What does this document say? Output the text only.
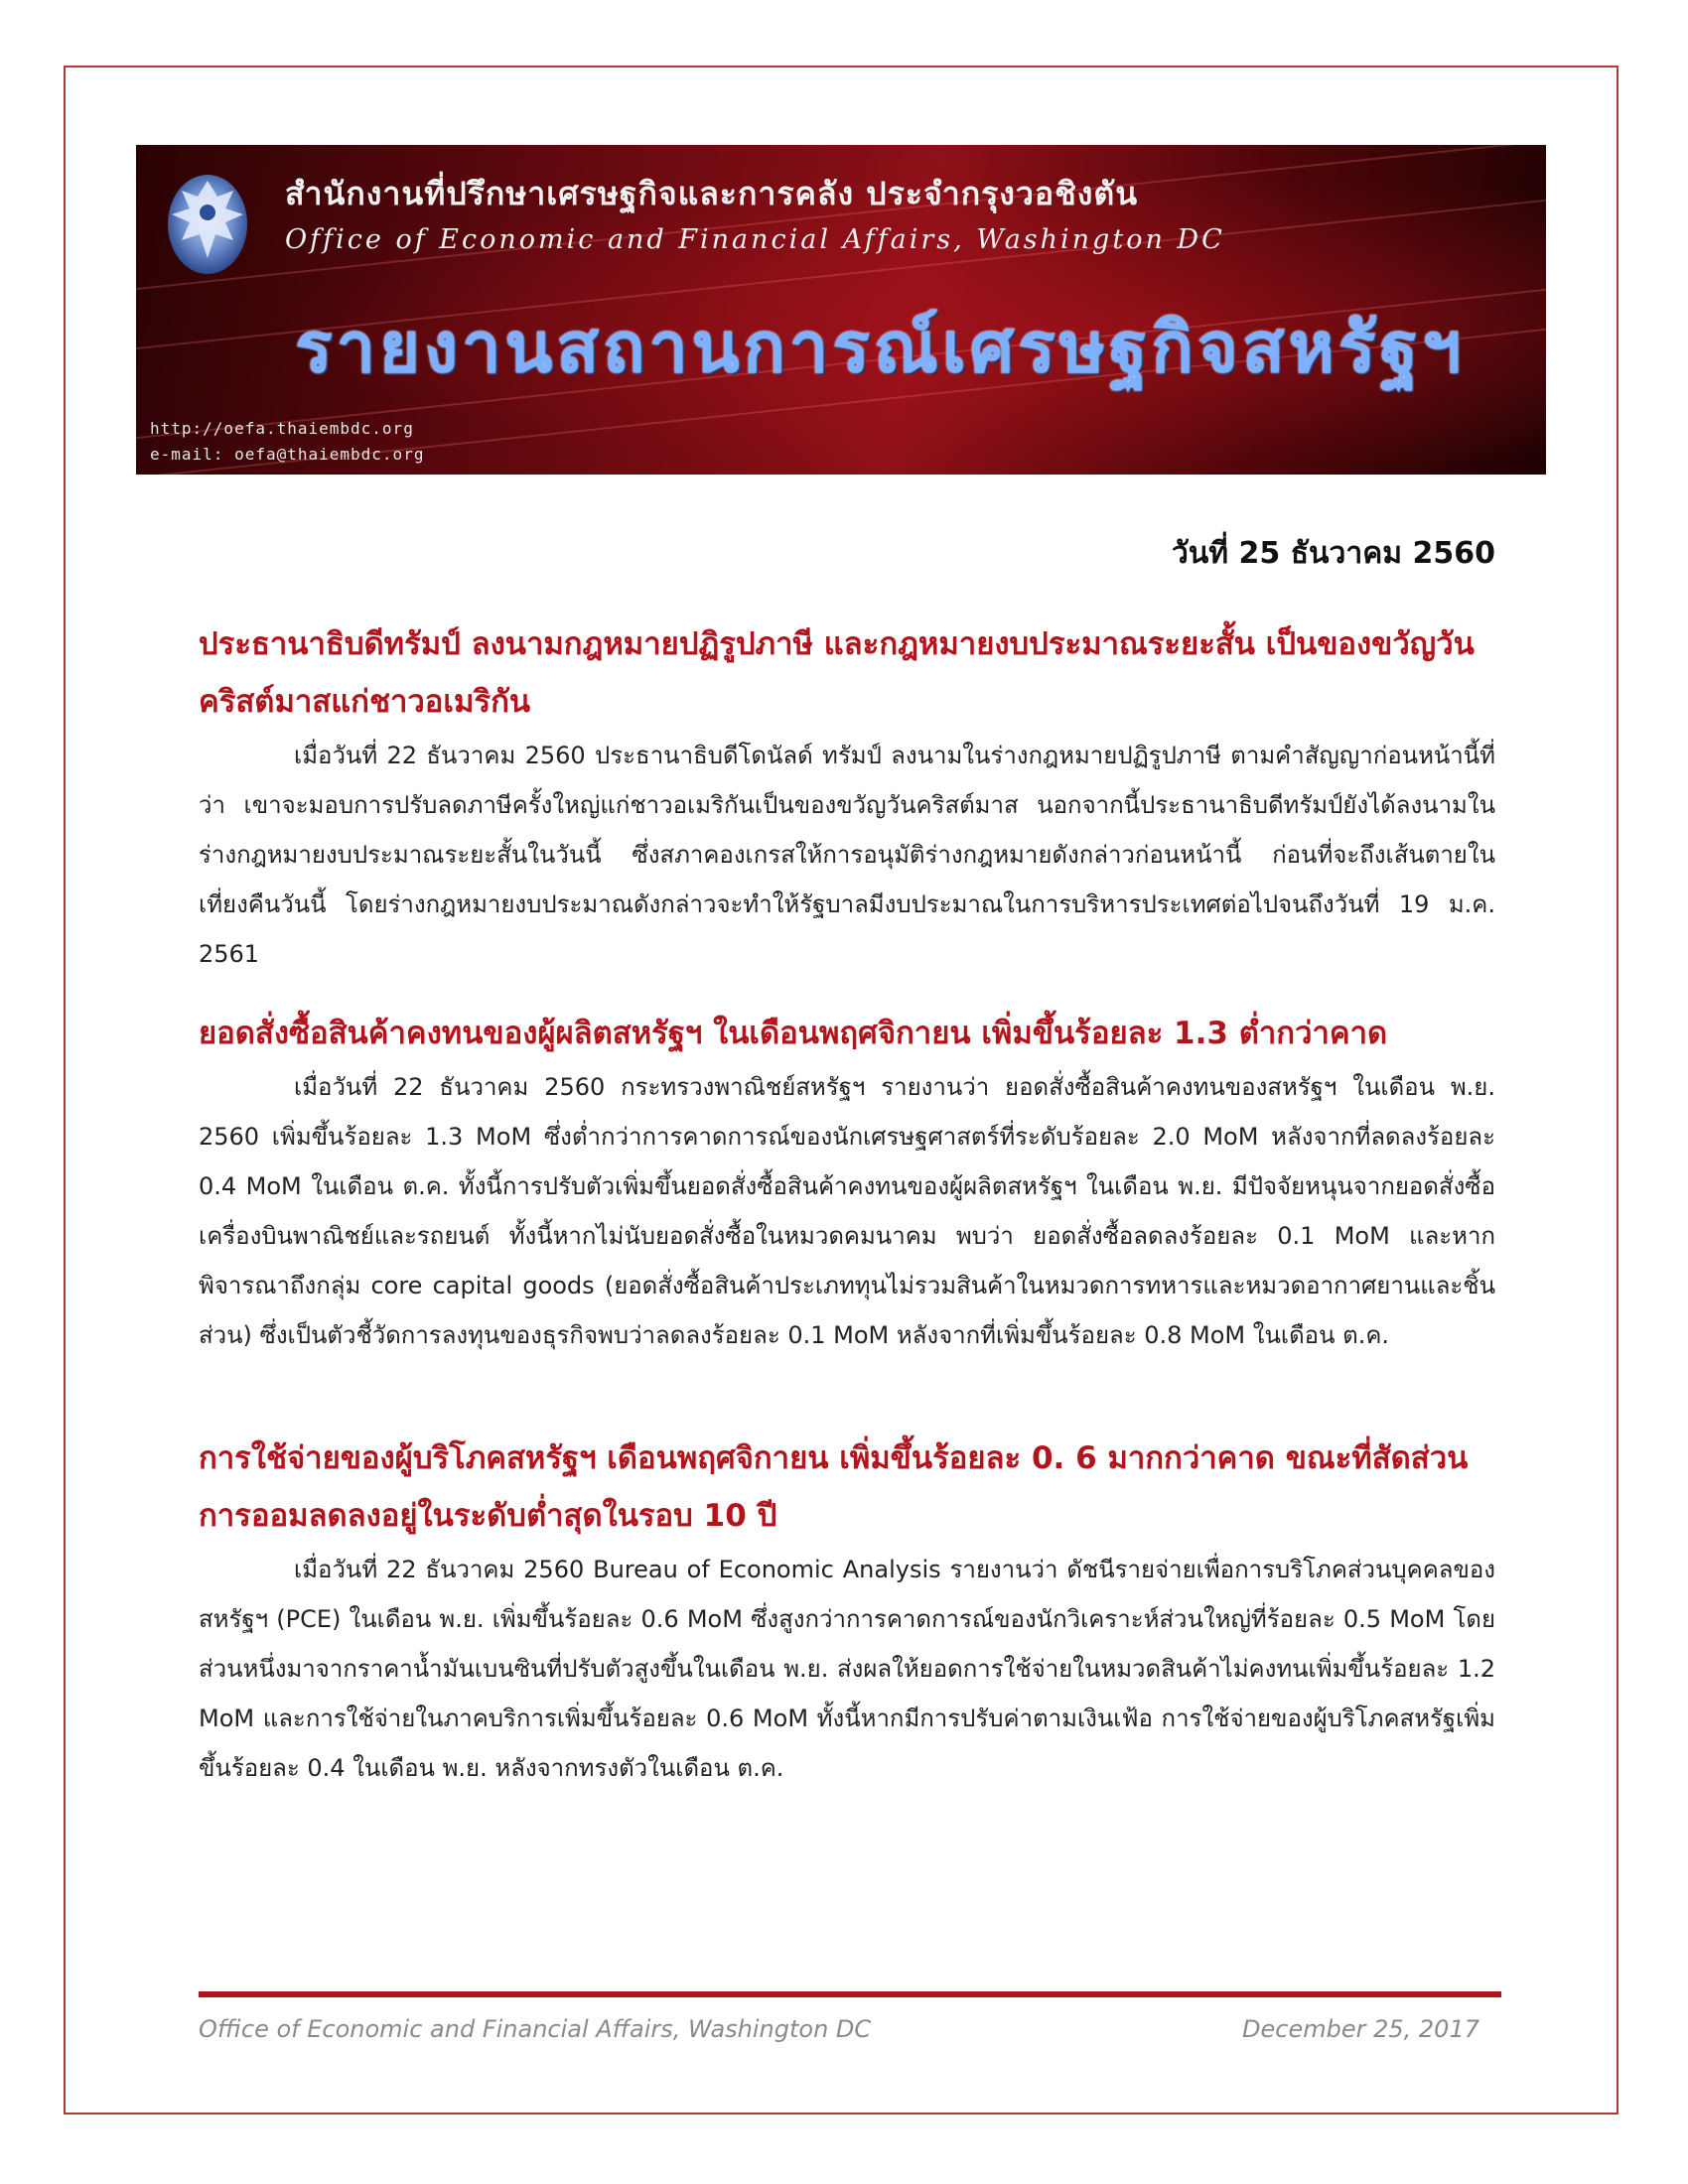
สำนักงานที่ปรึกษาเศรษฐกิจและการคลัง ประจำกรุงวอชิงตัน
Office of Economic and Financial Affairs, Washington DC
รายงานสถานการณ์เศรษฐกิจสหรัฐฯ
http://oefa.thaiembdc.org
e-mail: oefa@thaiembdc.org
วันที่ 25 ธันวาคม 2560
ประธานาธิบดีทรัมป์ ลงนามกฎหมายปฏิรูปภาษี และกฎหมายงบประมาณระยะสั้น เป็นของขวัญวันคริสต์มาสแก่ชาวอเมริกัน

เมื่อวันที่ 22 ธันวาคม 2560 ประธานาธิบดีโดนัลด์ ทรัมป์ ลงนามในร่างกฎหมายปฏิรูปภาษี ตามคำสัญญาก่อนหน้านี้ที่ว่า เขาจะมอบการปรับลดภาษีครั้งใหญ่แก่ชาวอเมริกันเป็นของขวัญวันคริสต์มาส นอกจากนี้ประธานาธิบดีทรัมป์ยังได้ลงนามในร่างกฎหมายงบประมาณระยะสั้นในวันนี้ ซึ่งสภาคองเกรสให้การอนุมัติร่างกฎหมายดังกล่าวก่อนหน้านี้ ก่อนที่จะถึงเส้นตายในเที่ยงคืนวันนี้ โดยร่างกฎหมายงบประมาณดังกล่าวจะทำให้รัฐบาลมีงบประมาณในการบริหารประเทศต่อไปจนถึงวันที่ 19 ม.ค. 2561

ยอดสั่งซื้อสินค้าคงทนของผู้ผลิตสหรัฐฯ ในเดือนพฤศจิกายน เพิ่มขึ้นร้อยละ 1.3 ต่ำกว่าคาด

เมื่อวันที่ 22 ธันวาคม 2560 กระทรวงพาณิชย์สหรัฐฯ รายงานว่า ยอดสั่งซื้อสินค้าคงทนของสหรัฐฯ ในเดือน พ.ย. 2560 เพิ่มขึ้นร้อยละ 1.3 MoM ซึ่งต่ำกว่าการคาดการณ์ของนักเศรษฐศาสตร์ที่ระดับร้อยละ 2.0 MoM หลังจากที่ลดลงร้อยละ 0.4 MoM ในเดือน ต.ค. ทั้งนี้การปรับตัวเพิ่มขึ้นยอดสั่งซื้อสินค้าคงทนของผู้ผลิตสหรัฐฯ ในเดือน พ.ย. มีปัจจัยหนุนจากยอดสั่งซื้อเครื่องบินพาณิชย์และรถยนต์ ทั้งนี้หากไม่นับยอดสั่งซื้อในหมวดคมนาคม พบว่า ยอดสั่งซื้อลดลงร้อยละ 0.1 MoM และหากพิจารณาถึงกลุ่ม core capital goods (ยอดสั่งซื้อสินค้าประเภททุนไม่รวมสินค้าในหมวดการทหารและหมวดอากาศยานและชิ้นส่วน) ซึ่งเป็นตัวชี้วัดการลงทุนของธุรกิจพบว่าลดลงร้อยละ 0.1 MoM หลังจากที่เพิ่มขึ้นร้อยละ 0.8 MoM ในเดือน ต.ค.

การใช้จ่ายของผู้บริโภคสหรัฐฯ เดือนพฤศจิกายน เพิ่มขึ้นร้อยละ 0. 6 มากกว่าคาด ขณะที่สัดส่วนการออมลดลงอยู่ในระดับต่ำสุดในรอบ 10 ปี

เมื่อวันที่ 22 ธันวาคม 2560 Bureau of Economic Analysis รายงานว่า ดัชนีรายจ่ายเพื่อการบริโภคส่วนบุคคลของสหรัฐฯ (PCE) ในเดือน พ.ย. เพิ่มขึ้นร้อยละ 0.6 MoM ซึ่งสูงกว่าการคาดการณ์ของนักวิเคราะห์ส่วนใหญ่ที่ร้อยละ 0.5 MoM โดยส่วนหนึ่งมาจากราคาน้ำมันเบนซินที่ปรับตัวสูงขึ้นในเดือน พ.ย. ส่งผลให้ยอดการใช้จ่ายในหมวดสินค้าไม่คงทนเพิ่มขึ้นร้อยละ 1.2 MoM และการใช้จ่ายในภาคบริการเพิ่มขึ้นร้อยละ 0.6 MoM ทั้งนี้หากมีการปรับค่าตามเงินเฟ้อ การใช้จ่ายของผู้บริโภคสหรัฐเพิ่มขึ้นร้อยละ 0.4 ในเดือน พ.ย. หลังจากทรงตัวในเดือน ต.ค.

Office of Economic and Financial Affairs, Washington DC	December 25, 2017
